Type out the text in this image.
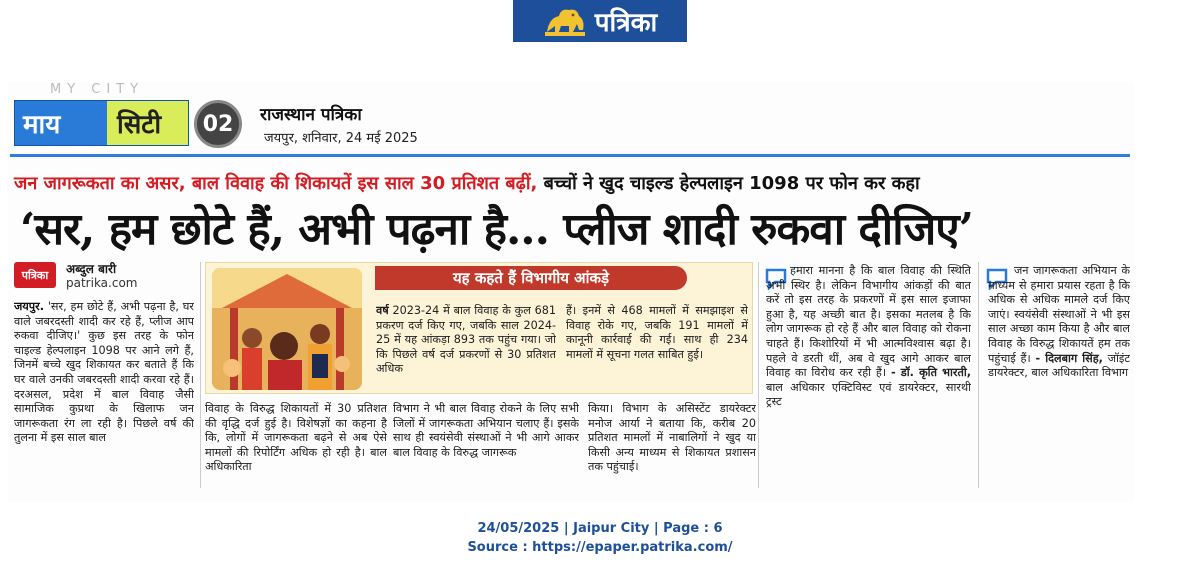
पत्रिका
MY CITY
माय	सिटी	02	राजस्थान पत्रिका
जयपुर, शनिवार, 24 मई 2025
जन जागरूकता का असर, बाल विवाह की शिकायतें इस साल 30 प्रतिशत बढ़ीं, बच्चों ने खुद चाइल्ड हेल्पलाइन 1098 पर फोन कर कहा
‘सर, हम छोटे हैं, अभी पढ़ना है... प्लीज शादी रुकवा दीजिए’
पत्रिका	अब्दुल बारी
patrika.com
जयपुर. 'सर, हम छोटे हैं, अभी पढ़ना है, घर वाले जबरदस्ती शादी कर रहे हैं, प्लीज आप रुकवा दीजिए।' कुछ इस तरह के फोन चाइल्ड हेल्पलाइन 1098 पर आने लगे हैं, जिनमें बच्चे खुद शिकायत कर बताते हैं कि घर वाले उनकी जबरदस्ती शादी करवा रहे हैं। दरअसल, प्रदेश में बाल विवाह जैसी सामाजिक कुप्रथा के खिलाफ जन जागरूकता रंग ला रही है। पिछले वर्ष की तुलना में इस साल बाल
यह कहते हैं विभागीय आंकड़े
वर्ष 2023-24 में बाल विवाह के कुल 681 प्रकरण दर्ज किए गए, जबकि साल 2024-25 में यह आंकड़ा 893 तक पहुंच गया। जो कि पिछले वर्ष दर्ज प्रकरणों से 30 प्रतिशत अधिक
हैं। इनमें से 468 मामलों में समझाइश से विवाह रोके गए, जबकि 191 मामलों में कानूनी कार्रवाई की गई। साथ ही 234 मामलों में सूचना गलत साबित हुई।
विवाह के विरुद्ध शिकायतों में 30 प्रतिशत की वृद्धि दर्ज हुई है। विशेषज्ञों का कहना है कि, लोगों में जागरूकता बढ़ने से अब ऐसे मामलों की रिपोर्टिंग अधिक हो रही है। बाल अधिकारिता
विभाग ने भी बाल विवाह रोकने के लिए सभी जिलों में जागरूकता अभियान चलाए हैं। इसके साथ ही स्वयंसेवी संस्थाओं ने भी आगे आकर बाल विवाह के विरुद्ध जागरूक
किया। विभाग के असिस्टेंट डायरेक्टर मनोज आर्या ने बताया कि, करीब 20 प्रतिशत मामलों में नाबालिगों ने खुद या किसी अन्य माध्यम से शिकायत प्रशासन तक पहुंचाई।
हमारा मानना है कि बाल विवाह की स्थिति अभी स्थिर है। लेकिन विभागीय आंकड़ों की बात करें तो इस तरह के प्रकरणों में इस साल इजाफा हुआ है, यह अच्छी बात है। इसका मतलब है कि लोग जागरूक हो रहे हैं और बाल विवाह को रोकना चाहते हैं। किशोरियों में भी आत्मविश्वास बढ़ा है। पहले वे डरती थीं, अब वे खुद आगे आकर बाल विवाह का विरोध कर रही हैं। - डॉ. कृति भारती, बाल अधिकार एक्टिविस्ट एवं डायरेक्टर, सारथी ट्रस्ट
जन जागरूकता अभियान के माध्यम से हमारा प्रयास रहता है कि अधिक से अधिक मामले दर्ज किए जाएं। स्वयंसेवी संस्थाओं ने भी इस साल अच्छा काम किया है और बाल विवाह के विरुद्ध शिकायतें हम तक पहुंचाई हैं। - दिलबाग सिंह, जॉइंट डायरेक्टर, बाल अधिकारिता विभाग
24/05/2025 | Jaipur City | Page : 6
Source : https://epaper.patrika.com/
